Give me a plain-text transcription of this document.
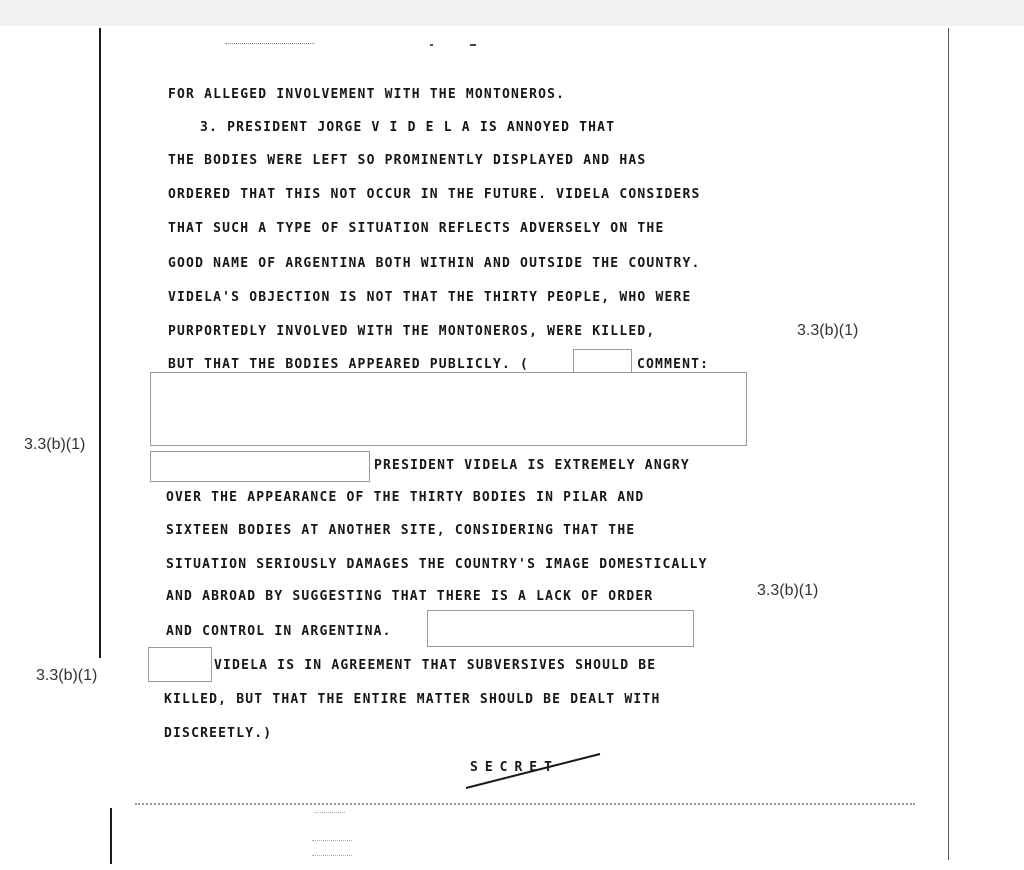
FOR ALLEGED INVOLVEMENT WITH THE MONTONEROS.
3. PRESIDENT JORGE V I D E L A IS ANNOYED THAT
THE BODIES WERE LEFT SO PROMINENTLY DISPLAYED AND HAS
ORDERED THAT THIS NOT OCCUR IN THE FUTURE. VIDELA CONSIDERS
THAT SUCH A TYPE OF SITUATION REFLECTS ADVERSELY ON THE
GOOD NAME OF ARGENTINA BOTH WITHIN AND OUTSIDE THE COUNTRY.
VIDELA'S OBJECTION IS NOT THAT THE THIRTY PEOPLE, WHO WERE
PURPORTEDLY INVOLVED WITH THE MONTONEROS, WERE KILLED,
BUT THAT THE BODIES APPEARED PUBLICLY. (	COMMENT:
PRESIDENT VIDELA IS EXTREMELY ANGRY
OVER THE APPEARANCE OF THE THIRTY BODIES IN PILAR AND
SIXTEEN BODIES AT ANOTHER SITE, CONSIDERING THAT THE
SITUATION SERIOUSLY DAMAGES THE COUNTRY'S IMAGE DOMESTICALLY
AND ABROAD BY SUGGESTING THAT THERE IS A LACK OF ORDER
AND CONTROL IN ARGENTINA.
VIDELA IS IN AGREEMENT THAT SUBVERSIVES SHOULD BE
KILLED, BUT THAT THE ENTIRE MATTER SHOULD BE DEALT WITH
DISCREETLY.)
3.3(b)(1)
3.3(b)(1)
3.3(b)(1)
3.3(b)(1)
SECRET
